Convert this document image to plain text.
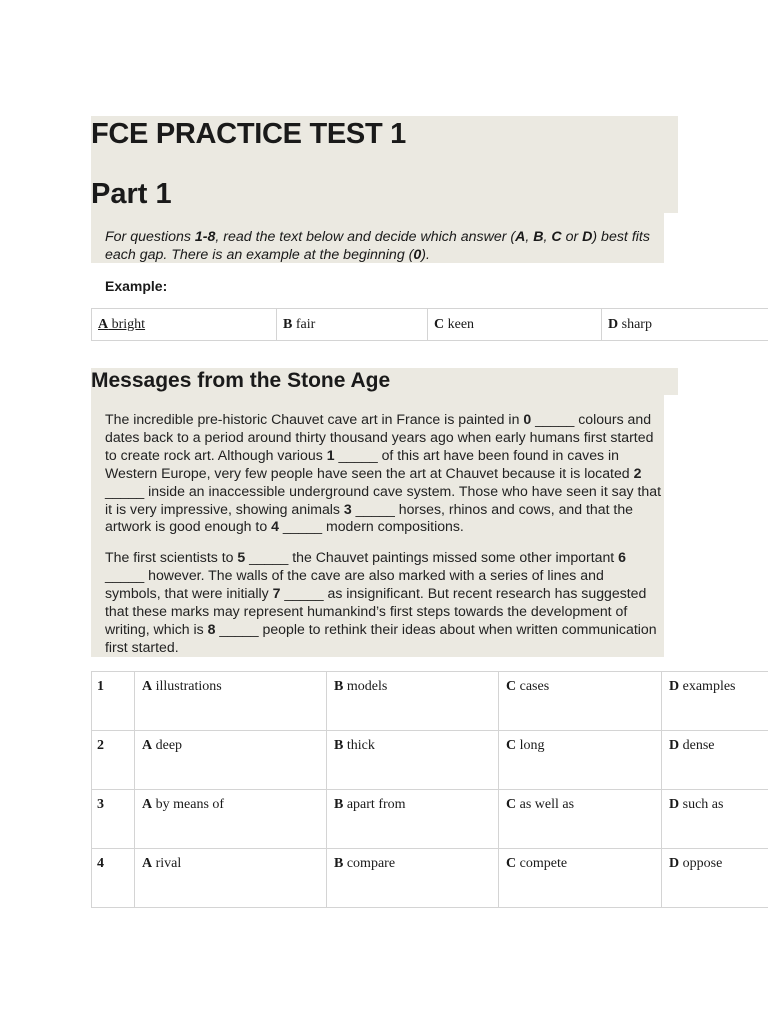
FCE PRACTICE TEST 1
Part 1

For questions 1-8, read the text below and decide which answer (A, B, C or D) best fits each gap. There is an example at the beginning (0).

Example:

A bright	B fair	C keen	D sharp
Messages from the Stone Age

The incredible pre-historic Chauvet cave art in France is painted in 0 _____ colours and dates back to a period around thirty thousand years ago when early humans first started to create rock art. Although various 1 _____ of this art have been found in caves in Western Europe, very few people have seen the art at Chauvet because it is located 2 _____ inside an inaccessible underground cave system. Those who have seen it say that it is very impressive, showing animals 3 _____ horses, rhinos and cows, and that the artwork is good enough to 4 _____ modern compositions.

The first scientists to 5 _____ the Chauvet paintings missed some other important 6 _____ however. The walls of the cave are also marked with a series of lines and symbols, that were initially 7 _____ as insignificant. But recent research has suggested that these marks may represent humankind’s first steps towards the development of writing, which is 8 _____ people to rethink their ideas about when written communication first started.

1	A illustrations	B models	C cases	D examples
2	A deep	B thick	C long	D dense
3	A by means of	B apart from	C as well as	D such as
4	A rival	B compare	C compete	D oppose
